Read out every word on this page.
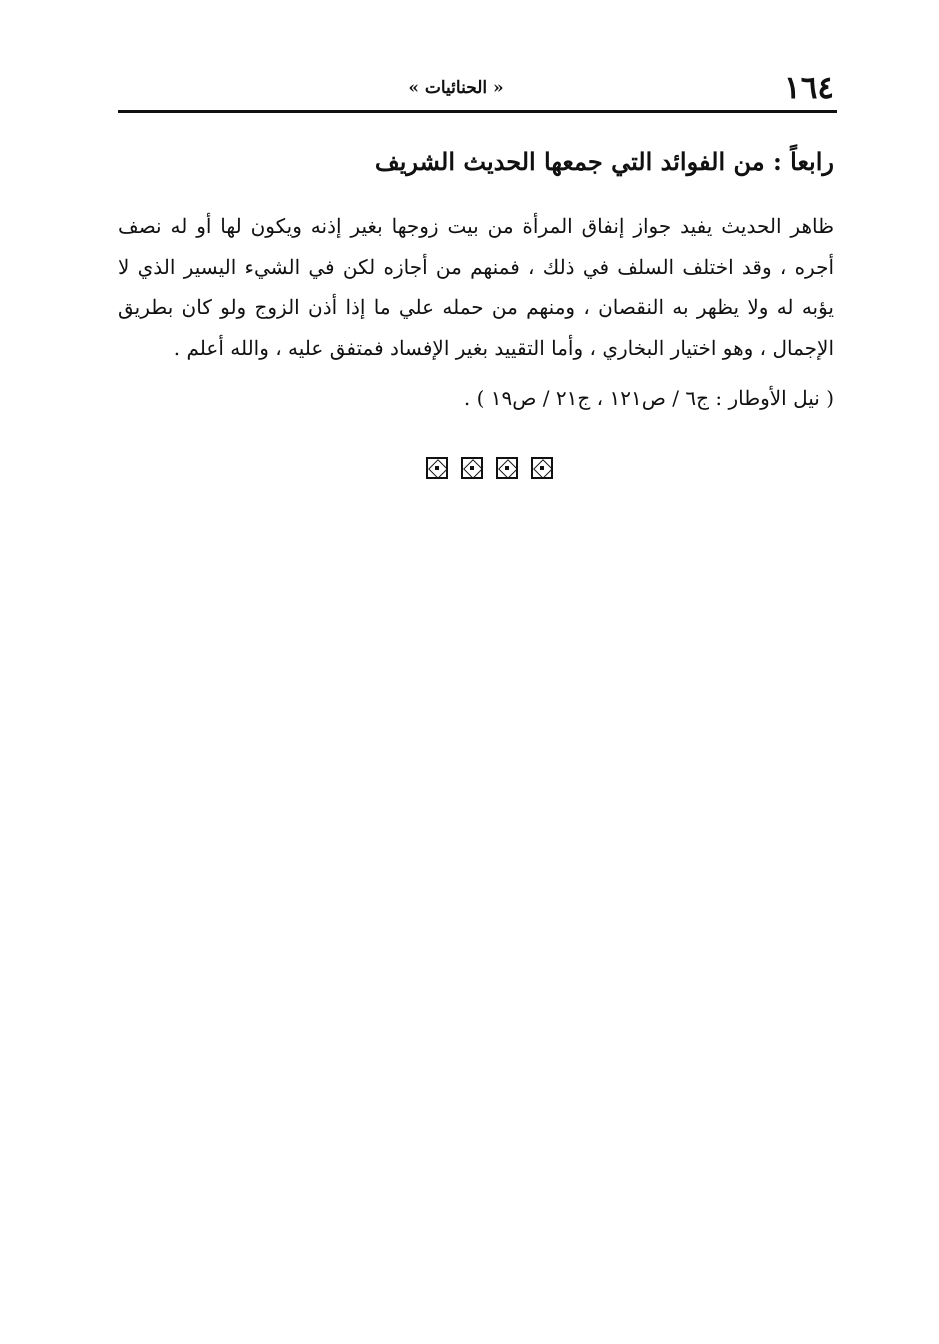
١٦٤
« الحنائيات »
رابعاً : من الفوائد التي جمعها الحديث الشريف

ظاهر الحديث يفيد جواز إنفاق المرأة من بيت زوجها بغير إذنه ويكون لها أو له نصف
أجره ، وقد اختلف السلف في ذلك ، فمنهم من أجازه لكن في الشيء اليسير الذي لا
يؤبه له ولا يظهر به النقصان ، ومنهم من حمله علي ما إذا أذن الزوج ولو كان بطريق
الإجمال ، وهو اختيار البخاري ، وأما التقييد بغير الإفساد فمتفق عليه ، والله أعلم .

( نيل الأوطار : ج٦ / ص١٢١ ، ج٢١ / ص١٩ ) .
